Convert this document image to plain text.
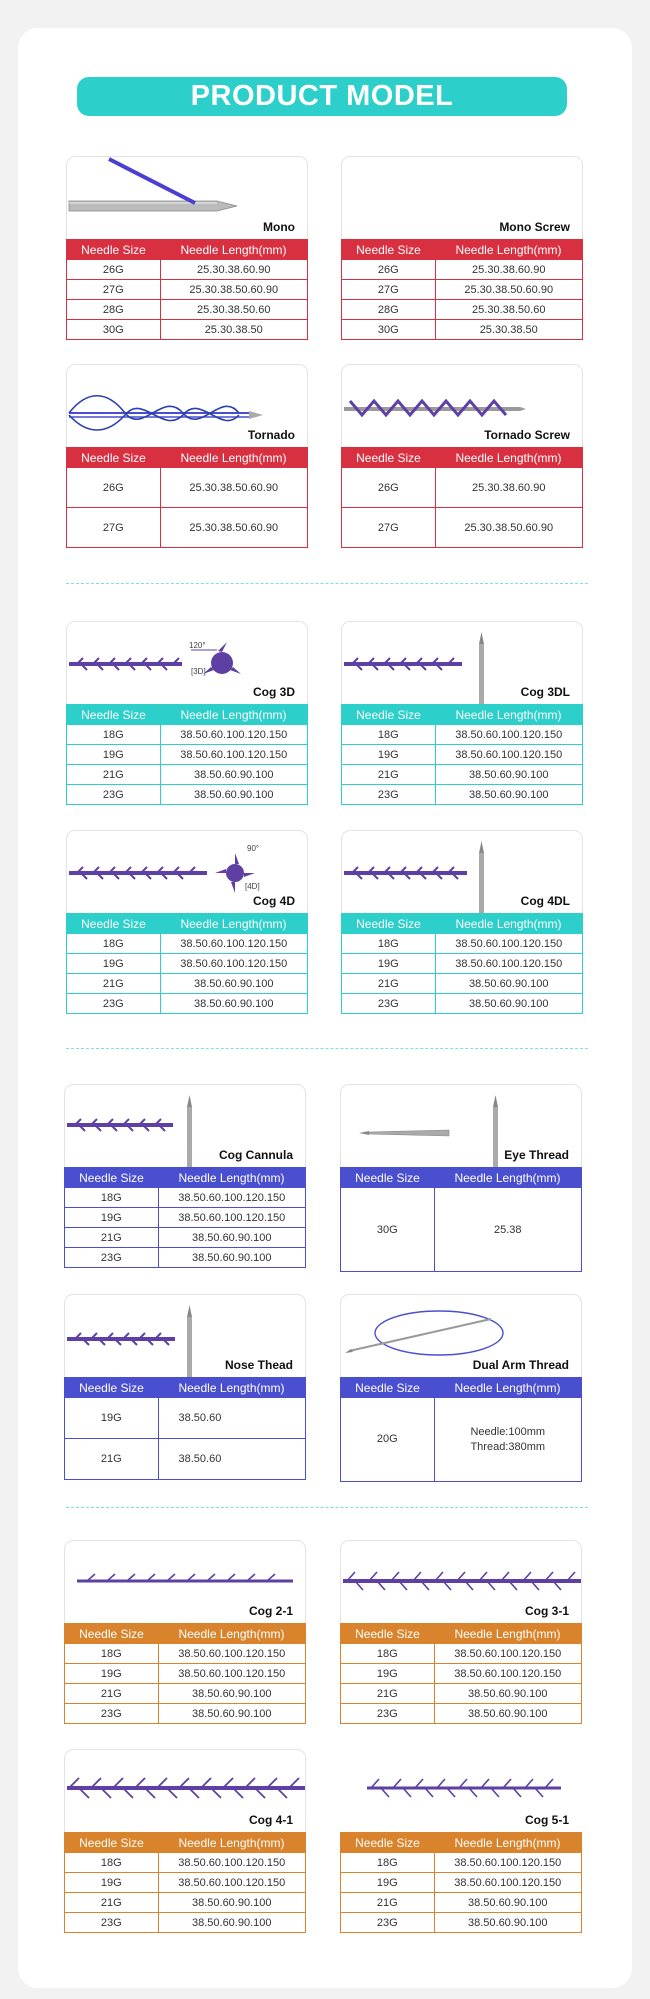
PRODUCT MODEL
Mono
Needle Size	Needle Length(mm)
26G	25.30.38.60.90
27G	25.30.38.50.60.90
28G	25.30.38.50.60
30G	25.30.38.50
Mono Screw
Needle Size	Needle Length(mm)
26G	25.30.38.60.90
27G	25.30.38.50.60.90
28G	25.30.38.50.60
30G	25.30.38.50
Tornado
Needle Size	Needle Length(mm)
26G	25.30.38.50.60.90
27G	25.30.38.50.60.90
Tornado Screw
Needle Size	Needle Length(mm)
26G	25.30.38.60.90
27G	25.30.38.50.60.90
120°
[3D]
Cog 3D
Needle Size	Needle Length(mm)
18G	38.50.60.100.120.150
19G	38.50.60.100.120.150
21G	38.50.60.90.100
23G	38.50.60.90.100
Cog 3DL
Needle Size	Needle Length(mm)
18G	38.50.60.100.120.150
19G	38.50.60.100.120.150
21G	38.50.60.90.100
23G	38.50.60.90.100
90°
[4D]
Cog 4D
Needle Size	Needle Length(mm)
18G	38.50.60.100.120.150
19G	38.50.60.100.120.150
21G	38.50.60.90.100
23G	38.50.60.90.100
Cog 4DL
Needle Size	Needle Length(mm)
18G	38.50.60.100.120.150
19G	38.50.60.100.120.150
21G	38.50.60.90.100
23G	38.50.60.90.100
Cog Cannula
Needle Size	Needle Length(mm)
18G	38.50.60.100.120.150
19G	38.50.60.100.120.150
21G	38.50.60.90.100
23G	38.50.60.90.100
Eye Thread
Needle Size	Needle Length(mm)
30G	25.38
Nose Thead
Needle Size	Needle Length(mm)
19G	38.50.60
21G	38.50.60
Dual Arm Thread
Needle Size	Needle Length(mm)
20G	Needle:100mm
Thread:380mm
Cog 2-1
Needle Size	Needle Length(mm)
18G	38.50.60.100.120.150
19G	38.50.60.100.120.150
21G	38.50.60.90.100
23G	38.50.60.90.100
Cog 3-1
Needle Size	Needle Length(mm)
18G	38.50.60.100.120.150
19G	38.50.60.100.120.150
21G	38.50.60.90.100
23G	38.50.60.90.100
Cog 4-1
Needle Size	Needle Length(mm)
18G	38.50.60.100.120.150
19G	38.50.60.100.120.150
21G	38.50.60.90.100
23G	38.50.60.90.100
Cog 5-1
Needle Size	Needle Length(mm)
18G	38.50.60.100.120.150
19G	38.50.60.100.120.150
21G	38.50.60.90.100
23G	38.50.60.90.100
